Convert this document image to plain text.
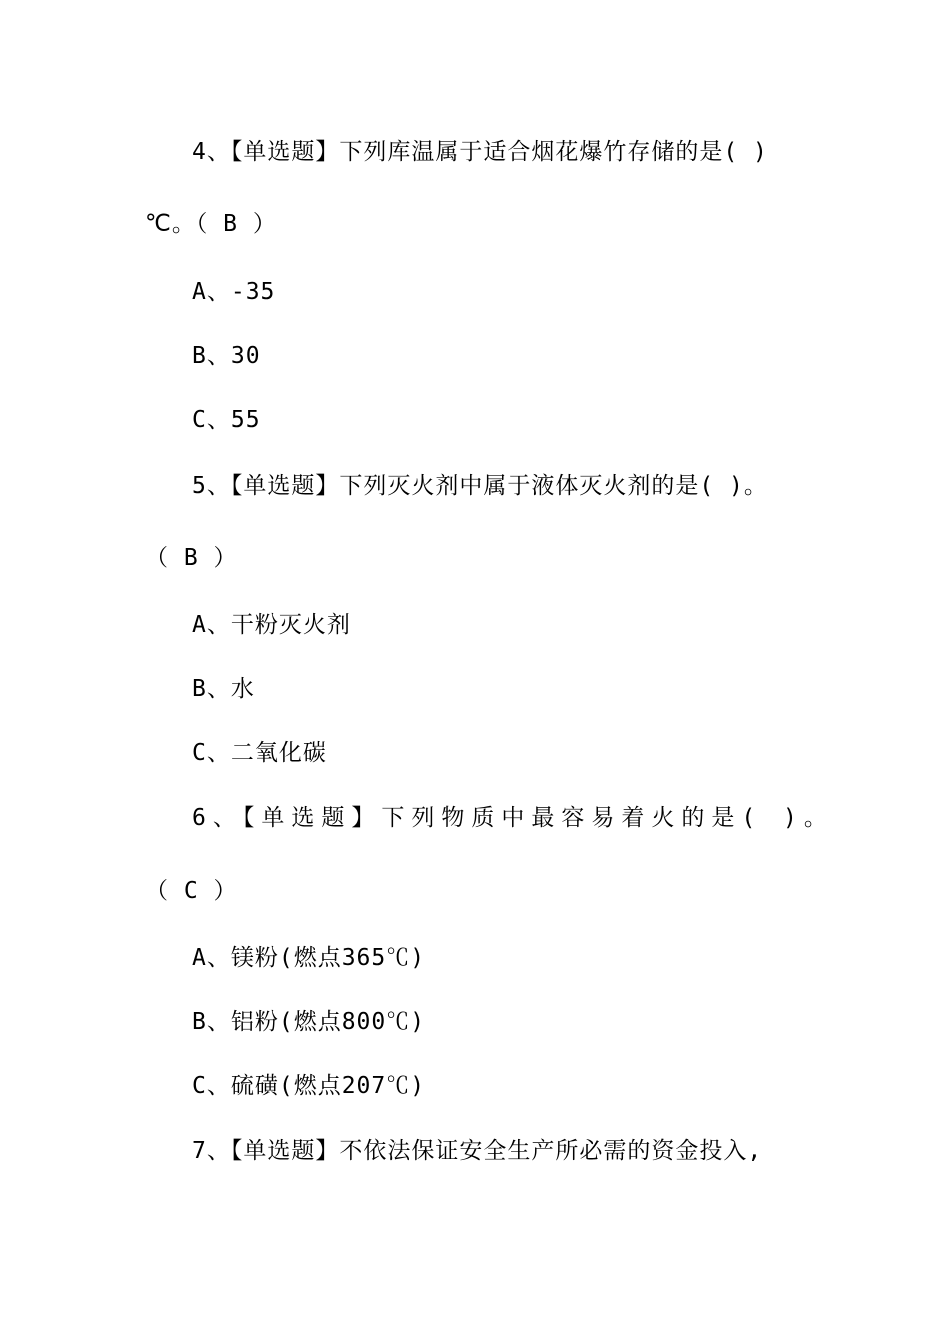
4、【单选题】下列库温属于适合烟花爆竹存储的是( )
℃。（ B ）
A、-35
B、30
C、55
5、【单选题】下列灭火剂中属于液体灭火剂的是( )。
（ B ）
A、干粉灭火剂
B、水
C、二氧化碳
6、【单选题】下列物质中最容易着火的是( )。
（ C ）
A、镁粉(燃点365℃)
B、铝粉(燃点800℃)
C、硫磺(燃点207℃)
7、【单选题】不依法保证安全生产所必需的资金投入,
